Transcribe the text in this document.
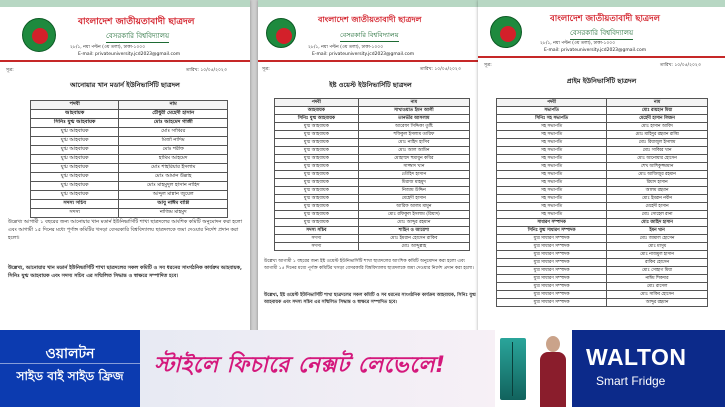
বাংলাদেশ জাতীয়তাবাদী ছাত্রদল
বেসরকারি বিশ্ববিদ্যালয়
২৮/১, নয়া পল্টন (৩য় তলা), ঢাকা-১০০০
E-mail: privateuniversity.jcd2023@gmail.com
সূত্র:	তারিখ: ১০/০৫/২০২৩
আনোয়ার খান মডার্ন ইউনিভার্সিটি ছাত্রদল
পদবী	নাম
আহবায়ক	চৌধুরী মেহেদী হাসান
সিনিঃ যুগ্ম আহবায়ক	মোঃ আহমেদ গাজী
যুগ্ম আহবায়ক	মোঃ সাব্বির
যুগ্ম আহবায়ক	মির্জা নাদিম
যুগ্ম আহবায়ক	মোঃ শরীফ
যুগ্ম আহবায়ক	হামিম আহমেদ
যুগ্ম আহবায়ক	মোঃ শাহরিয়ার ইসলাম
যুগ্ম আহবায়ক	মোঃ আমান উল্লাহ
যুগ্ম আহবায়ক	মোঃ মাহমুদুল হাসান নাহিদ
যুগ্ম আহবায়ক	আব্দুল মান্নান জুয়েল
সদস্য সচিব	আবু নাঈম বাপ্পি
সদস্য	নাজিম মাহমুদ
উল্লেখ্য আগামী ১ বছরের জন্য আনোয়ার খান মডার্ন ইউনিভার্সিটি শাখা ছাত্রদলের আংশিক কমিটি অনুমোদন করা হলো এবং আগামী ১৫ দিনের মধ্যে পূর্ণাঙ্গ কমিটির খসড়া বেসরকারি বিশ্ববিদ্যালয় ছাত্রদলকে জমা দেওয়ার নির্দেশ প্রদান করা হলো।
উল্লেখ্য, আনোয়ার খান মডার্ন ইউনিভার্সিটি শাখা ছাত্রদলের সকল কমিটি ও সব ধরনের সাংগঠনিক কার্যক্রম আহবায়ক, সিনিঃ যুগ্ম আহবায়ক এবং সদস্য সচিব এর সম্মিলিত সিদ্ধান্ত ও স্বাক্ষরে সম্পাদিত হবে।
বাংলাদেশ জাতীয়তাবাদী ছাত্রদল
বেসরকারি বিশ্ববিদ্যালয়
২৮/১, নয়া পল্টন (৩য় তলা), ঢাকা-১০০০
E-mail: privateuniversity.jcd2023@gmail.com
সূত্র:	তারিখ: ১০/০৫/২০২৩
ইষ্ট ওয়েস্ট ইউনিভার্সিটি ছাত্রদল
পদবী	নাম
আহবায়ক	সাখাওয়াত ইমন আলী
সিনিঃ যুগ্ম আহবায়ক	তানভীর আসলাম
যুগ্ম আহবায়ক	আরেফা সিদ্দিকা তুষ্টি
যুগ্ম আহবায়ক	শফিকুল ইসলাম তারিফ
যুগ্ম আহবায়ক	মোঃ নাহিদ হাসিব
যুগ্ম আহবায়ক	মোঃ আল আমিন
যুগ্ম আহবায়ক	মোহাম্মদ হুমায়ুন কবির
যুগ্ম আহবায়ক	সাজ্জাদ খান
যুগ্ম আহবায়ক	তৌহিদ হাসান
যুগ্ম আহবায়ক	মিরাজ মাহমুদ
যুগ্ম আহবায়ক	নিজাম উদ্দিন
যুগ্ম আহবায়ক	মেহেদী হাসান
যুগ্ম আহবায়ক	আরিফ আলম মামুন
যুগ্ম আহবায়ক	মোঃ রফিকুল ইসলাম (রিয়াদ)
যুগ্ম আহবায়ক	মোঃ আব্দুর রহমান
সদস্য সচিব	শাহিন ও আয়েশা
সদস্য	মোঃ ইমরান হোসেন রাকিব
সদস্য	মোঃ আব্দুল্লাহ
উল্লেখ্য আগামী ১ বছরের জন্য ইষ্ট ওয়েস্ট ইউনিভার্সিটি শাখা ছাত্রদলের আংশিক কমিটি অনুমোদন করা হলো এবং আগামী ১৫ দিনের মধ্যে পূর্ণাঙ্গ কমিটির খসড়া বেসরকারি বিশ্ববিদ্যালয় ছাত্রদলকে জমা দেওয়ার নির্দেশ প্রদান করা হলো।
উল্লেখ্য, ইষ্ট ওয়েস্ট ইউনিভার্সিটি শাখা ছাত্রদলের সকল কমিটি ও সব ধরনের সাংগঠনিক কার্যক্রম আহবায়ক, সিনিঃ যুগ্ম আহবায়ক এবং সদস্য সচিব এর সম্মিলিত সিদ্ধান্ত ও স্বাক্ষরে সম্পাদিত হবে।
বাংলাদেশ জাতীয়তাবাদী ছাত্রদল
বেসরকারি বিশ্ববিদ্যালয়
২৮/১, নয়া পল্টন (৩য় তলা), ঢাকা-১০০০
E-mail: privateuniversity.jcd2023@gmail.com
সূত্র:	তারিখ: ১০/০৫/২০২৩
প্রাইম ইউনিভার্সিটি ছাত্রদল
পদবী	নাম
সভাপতি	মোঃ রায়হান মিয়া
সিনিঃ সহ সভাপতি	মেহেদী হাসান লিজন
সহ সভাপতি	মোঃ হাসান আবিদ
সহ সভাপতি	মোঃ মাহিদুর রহমান রাব্বি
সহ সভাপতি	মোঃ রিয়াজুল ইসলাম
সহ সভাপতি	মোঃ সাব্বির খান
সহ সভাপতি	মোঃ আনোয়ার হোসেন
সহ সভাপতি	শেখ আশিকুজ্জামান
সহ সভাপতি	মোঃ আজিজুর রহমান
সহ সভাপতি	রিয়াদ হাসান
সহ সভাপতি	আলম রহমান
সহ সভাপতি	মোঃ ইমরান নবীন
সহ সভাপতি	মেহেদী হাসান
সহ সভাপতি	মোঃ সোহেল রানা
সাধারণ সম্পাদক	মোঃ জাহিদ হাসান
সিনিঃ যুগ্ম সাধারণ সম্পাদক	ইমন খান
যুগ্ম সাধারণ সম্পাদক	মোঃ জামাল হোসেন
যুগ্ম সাধারণ সম্পাদক	মোঃ মাসুম
যুগ্ম সাধারণ সম্পাদক	মোঃ নাজমুল হাসান
যুগ্ম সাধারণ সম্পাদক	রাকিব হোসেন
যুগ্ম সাধারণ সম্পাদক	মোঃ সোহাগ মিয়া
যুগ্ম সাধারণ সম্পাদক	নাঈম শিকদার
যুগ্ম সাধারণ সম্পাদক	মোঃ রাসেল
যুগ্ম সাধারণ সম্পাদক	মোঃ সাকিব হোসেন
যুগ্ম সাধারণ সম্পাদক	আব্দুর রহমান
ওয়ালটন
সাইড বাই সাইড ফ্রিজ	স্টাইলে ফিচারে নেক্সট লেভেলে!	WALTON
Smart Fridge
